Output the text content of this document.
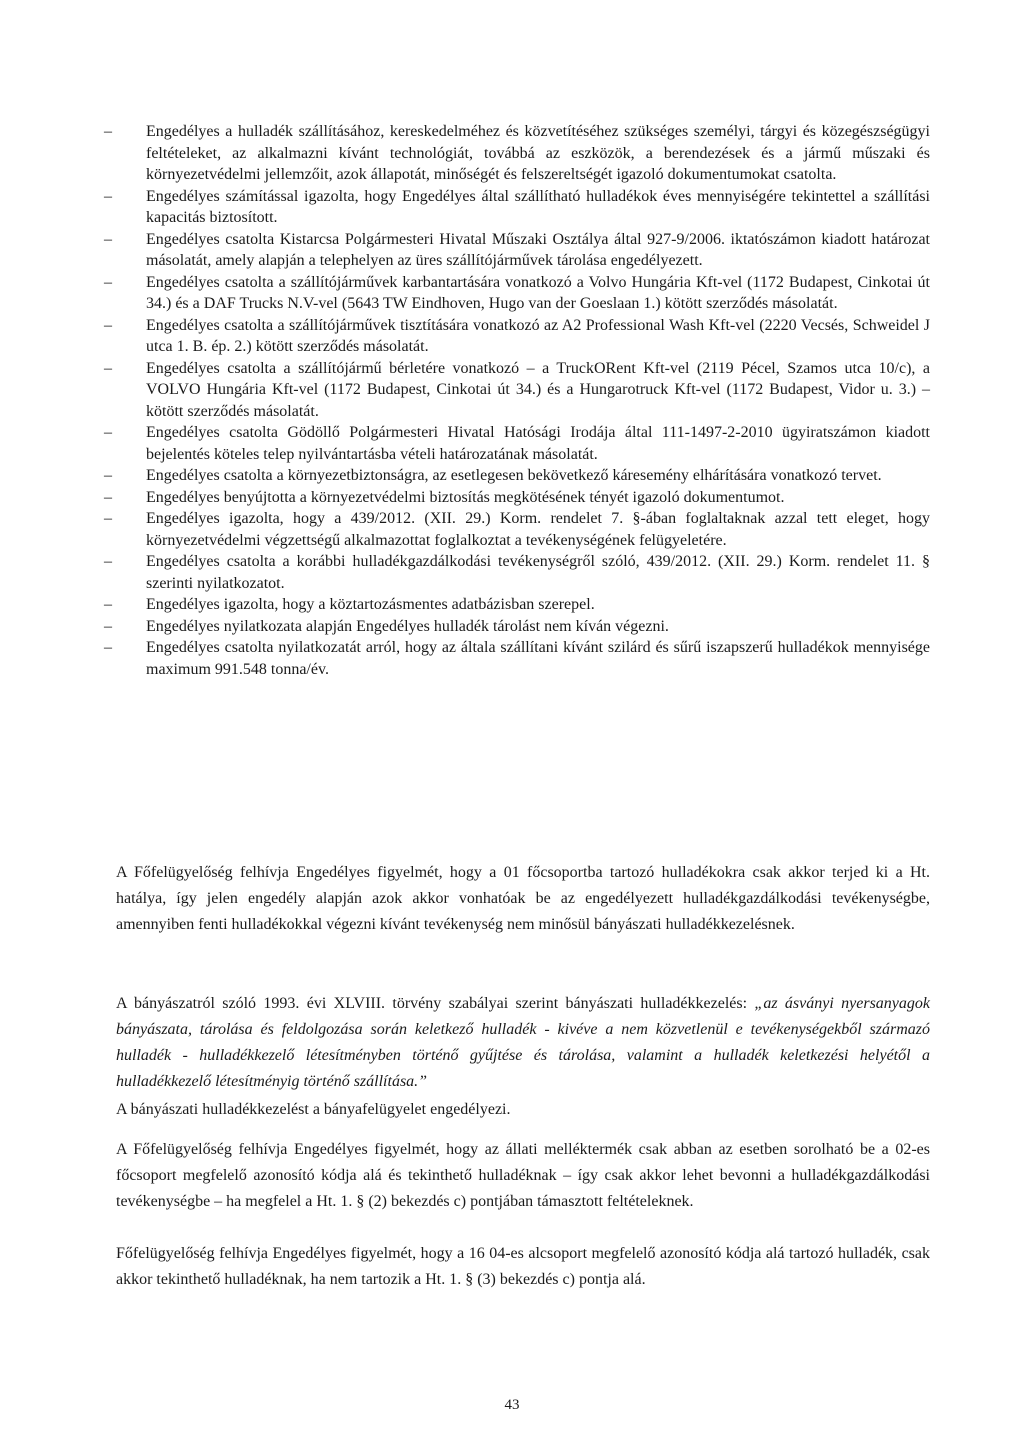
– Engedélyes a hulladék szállításához, kereskedelméhez és közvetítéséhez szükséges személyi, tárgyi és közegészségügyi feltételeket, az alkalmazni kívánt technológiát, továbbá az eszközök, a berendezések és a jármű műszaki és környezetvédelmi jellemzőit, azok állapotát, minőségét és felszereltségét igazoló dokumentumokat csatolta.
– Engedélyes számítással igazolta, hogy Engedélyes által szállítható hulladékok éves mennyiségére tekintettel a szállítási kapacitás biztosított.
– Engedélyes csatolta Kistarcsa Polgármesteri Hivatal Műszaki Osztálya által 927-9/2006. iktatószámon kiadott határozat másolatát, amely alapján a telephelyen az üres szállítójárművek tárolása engedélyezett.
– Engedélyes csatolta a szállítójárművek karbantartására vonatkozó a Volvo Hungária Kft-vel (1172 Budapest, Cinkotai út 34.) és a DAF Trucks N.V-vel (5643 TW Eindhoven, Hugo van der Goeslaan 1.) kötött szerződés másolatát.
– Engedélyes csatolta a szállítójárművek tisztítására vonatkozó az A2 Professional Wash Kft-vel (2220 Vecsés, Schweidel J utca 1. B. ép. 2.) kötött szerződés másolatát.
– Engedélyes csatolta a szállítójármű bérletére vonatkozó – a TruckORent Kft-vel (2119 Pécel, Szamos utca 10/c), a VOLVO Hungária Kft-vel (1172 Budapest, Cinkotai út 34.) és a Hungarotruck Kft-vel (1172 Budapest, Vidor u. 3.) – kötött szerződés másolatát.
– Engedélyes csatolta Gödöllő Polgármesteri Hivatal Hatósági Irodája által 111-1497-2-2010 ügyiratszámon kiadott bejelentés köteles telep nyilvántartásba vételi határozatának másolatát.
– Engedélyes csatolta a környezetbiztonságra, az esetlegesen bekövetkező káresemény elhárítására vonatkozó tervet.
– Engedélyes benyújtotta a környezetvédelmi biztosítás megkötésének tényét igazoló dokumentumot.
– Engedélyes igazolta, hogy a 439/2012. (XII. 29.) Korm. rendelet 7. §-ában foglaltaknak azzal tett eleget, hogy környezetvédelmi végzettségű alkalmazottat foglalkoztat a tevékenységének felügyeletére.
– Engedélyes csatolta a korábbi hulladékgazdálkodási tevékenységről szóló, 439/2012. (XII. 29.) Korm. rendelet 11. § szerinti nyilatkozatot.
– Engedélyes igazolta, hogy a köztartozásmentes adatbázisban szerepel.
– Engedélyes nyilatkozata alapján Engedélyes hulladék tárolást nem kíván végezni.
– Engedélyes csatolta nyilatkozatát arról, hogy az általa szállítani kívánt szilárd és sűrű iszapszerű hulladékok mennyisége maximum 991.548 tonna/év.

A Főfelügyelőség felhívja Engedélyes figyelmét, hogy a 01 főcsoportba tartozó hulladékokra csak akkor terjed ki a Ht. hatálya, így jelen engedély alapján azok akkor vonhatóak be az engedélyezett hulladékgazdálkodási tevékenységbe, amennyiben fenti hulladékokkal végezni kívánt tevékenység nem minősül bányászati hulladékkezelésnek.

A bányászatról szóló 1993. évi XLVIII. törvény szabályai szerint bányászati hulladékkezelés: „az ásványi nyersanyagok bányászata, tárolása és feldolgozása során keletkező hulladék - kivéve a nem közvetlenül e tevékenységekből származó hulladék - hulladékkezelő létesítményben történő gyűjtése és tárolása, valamint a hulladék keletkezési helyétől a hulladékkezelő létesítményig történő szállítása.”

A bányászati hulladékkezelést a bányafelügyelet engedélyezi.

A Főfelügyelőség felhívja Engedélyes figyelmét, hogy az állati melléktermék csak abban az esetben sorolható be a 02-es főcsoport megfelelő azonosító kódja alá és tekinthető hulladéknak – így csak akkor lehet bevonni a hulladékgazdálkodási tevékenységbe – ha megfelel a Ht. 1. § (2) bekezdés c) pontjában támasztott feltételeknek.

Főfelügyelőség felhívja Engedélyes figyelmét, hogy a 16 04-es alcsoport megfelelő azonosító kódja alá tartozó hulladék, csak akkor tekinthető hulladéknak, ha nem tartozik a Ht. 1. § (3) bekezdés c) pontja alá.

43
